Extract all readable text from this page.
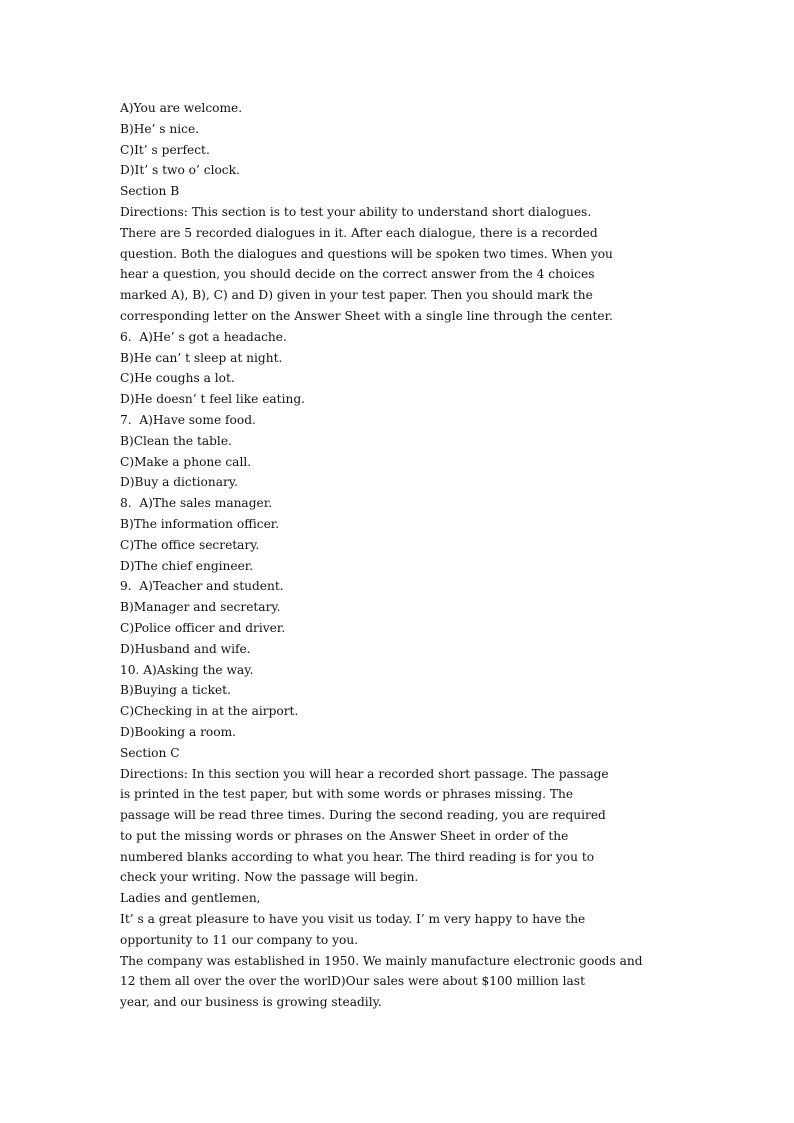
A)You are welcome.
B)He’ s nice.
C)It’ s perfect.
D)It’ s two o’ clock.
Section B
Directions: This section is to test your ability to understand short dialogues.
There are 5 recorded dialogues in it. After each dialogue, there is a recorded
question. Both the dialogues and questions will be spoken two times. When you
hear a question, you should decide on the correct answer from the 4 choices
marked A), B), C) and D) given in your test paper. Then you should mark the
corresponding letter on the Answer Sheet with a single line through the center.
6.  A)He’ s got a headache.
B)He can’ t sleep at night.
C)He coughs a lot.
D)He doesn’ t feel like eating.
7.  A)Have some food.
B)Clean the table.
C)Make a phone call.
D)Buy a dictionary.
8.  A)The sales manager.
B)The information officer.
C)The office secretary.
D)The chief engineer.
9.  A)Teacher and student.
B)Manager and secretary.
C)Police officer and driver.
D)Husband and wife.
10. A)Asking the way.
B)Buying a ticket.
C)Checking in at the airport.
D)Booking a room.
Section C
Directions: In this section you will hear a recorded short passage. The passage
is printed in the test paper, but with some words or phrases missing. The
passage will be read three times. During the second reading, you are required
to put the missing words or phrases on the Answer Sheet in order of the
numbered blanks according to what you hear. The third reading is for you to
check your writing. Now the passage will begin.
Ladies and gentlemen,
It’ s a great pleasure to have you visit us today. I’ m very happy to have the
opportunity to 11 our company to you.
The company was established in 1950. We mainly manufacture electronic goods and
12 them all over the over the worlD)Our sales were about $100 million last
year, and our business is growing steadily.
